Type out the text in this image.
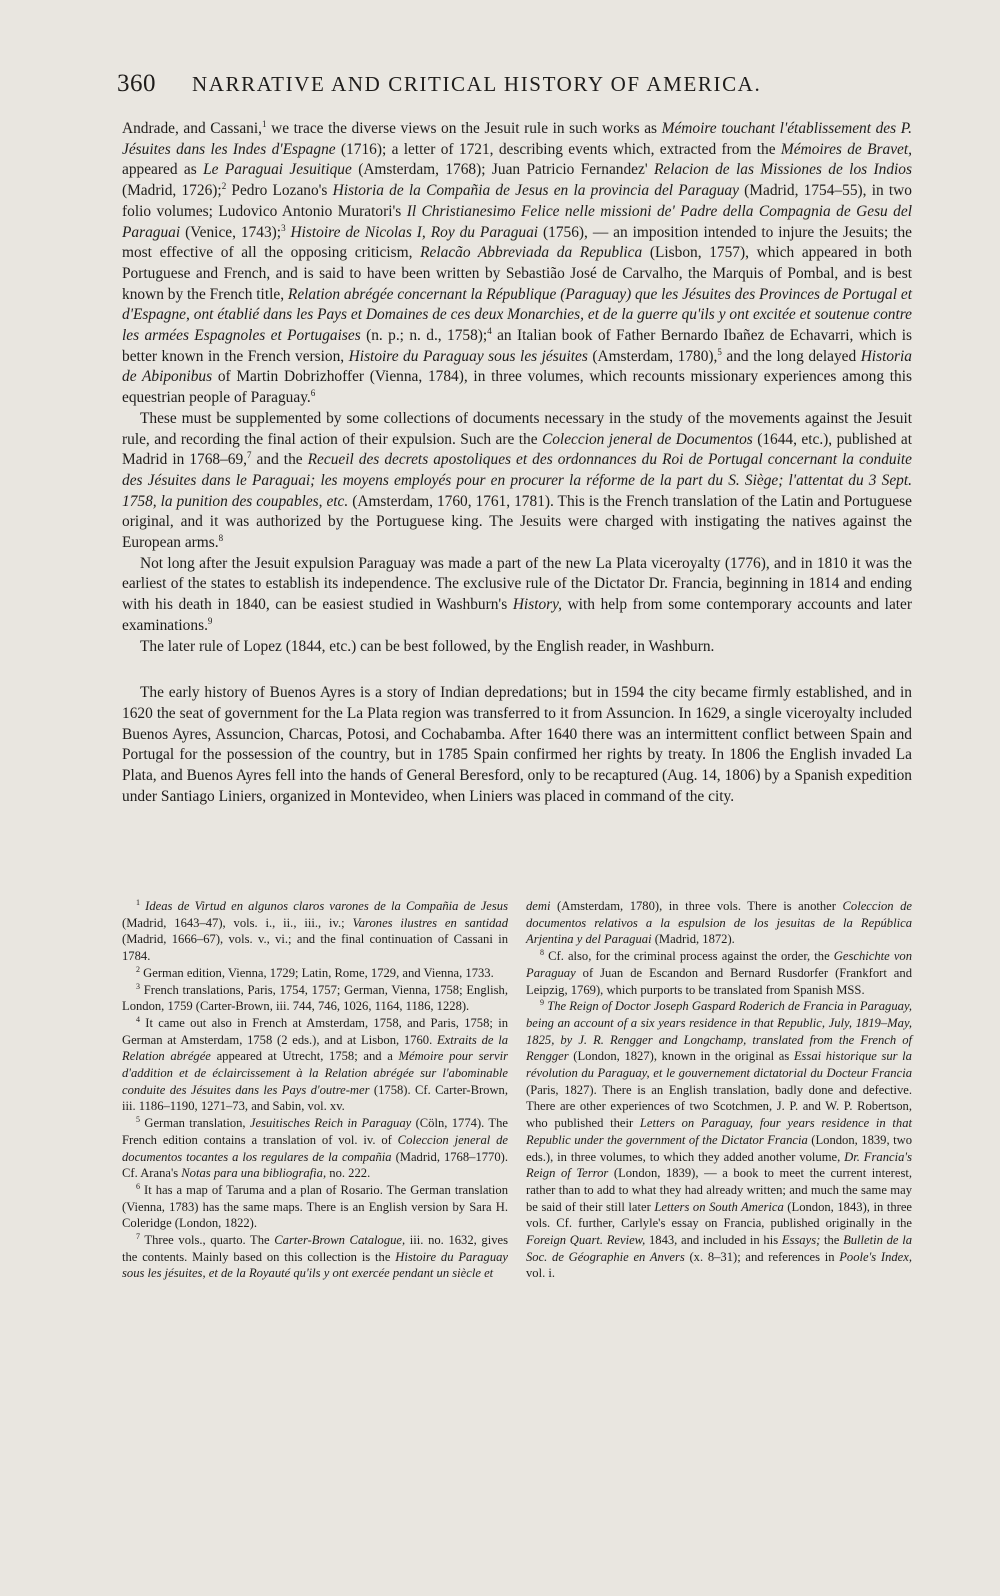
360 NARRATIVE AND CRITICAL HISTORY OF AMERICA.

Andrade, and Cassani,$^1$ we trace the diverse views on the Jesuit rule in such works as Mémoire touchant l'établissement des P. Jésuites dans les Indes d'Espagne (1716); a letter of 1721, describing events which, extracted from the Mémoires de Bravet, appeared as Le Paraguai Jesuitique (Amsterdam, 1768); Juan Patricio Fernandez' Relacion de las Missiones de los Indios (Madrid, 1726);$^2$ Pedro Lozano's Historia de la Compañia de Jesus en la provincia del Paraguay (Madrid, 1754–55), in two folio volumes; Ludovico Antonio Muratori's Il Christianesimo Felice nelle missioni de' Padre della Compagnia de Gesu del Paraguai (Venice, 1743);$^3$ Histoire de Nicolas I, Roy du Paraguai (1756), — an imposition intended to injure the Jesuits; the most effective of all the opposing criticism, Relacão Abbreviada da Republica (Lisbon, 1757), which appeared in both Portuguese and French, and is said to have been written by Sebastião José de Carvalho, the Marquis of Pombal, and is best known by the French title, Relation abrégée concernant la République (Paraguay) que les Jésuites des Provinces de Portugal et d'Espagne, ont établié dans les Pays et Domaines de ces deux Monarchies, et de la guerre qu'ils y ont excitée et soutenue contre les armées Espagnoles et Portugaises (n. p.; n. d., 1758);$^4$ an Italian book of Father Bernardo Ibañez de Echavarri, which is better known in the French version, Histoire du Paraguay sous les jésuites (Amsterdam, 1780),$^5$ and the long delayed Historia de Abiponibus of Martin Dobrizhoffer (Vienna, 1784), in three volumes, which recounts missionary experiences among this equestrian people of Paraguay.$^6$

These must be supplemented by some collections of documents necessary in the study of the movements against the Jesuit rule, and recording the final action of their expulsion. Such are the Coleccion jeneral de Documentos (1644, etc.), published at Madrid in 1768–69,$^7$ and the Recueil des decrets apostoliques et des ordonnances du Roi de Portugal concernant la conduite des Jésuites dans le Paraguai; les moyens employés pour en procurer la réforme de la part du S. Siège; l'attentat du 3 Sept. 1758, la punition des coupables, etc. (Amsterdam, 1760, 1761, 1781). This is the French translation of the Latin and Portuguese original, and it was authorized by the Portuguese king. The Jesuits were charged with instigating the natives against the European arms.$^8$

Not long after the Jesuit expulsion Paraguay was made a part of the new La Plata viceroyalty (1776), and in 1810 it was the earliest of the states to establish its independence. The exclusive rule of the Dictator Dr. Francia, beginning in 1814 and ending with his death in 1840, can be easiest studied in Washburn's History, with help from some contemporary accounts and later examinations.$^9$

The later rule of Lopez (1844, etc.) can be best followed, by the English reader, in Washburn.

The early history of Buenos Ayres is a story of Indian depredations; but in 1594 the city became firmly established, and in 1620 the seat of government for the La Plata region was transferred to it from Assuncion. In 1629, a single viceroyalty included Buenos Ayres, Assuncion, Charcas, Potosi, and Cochabamba. After 1640 there was an intermittent conflict between Spain and Portugal for the possession of the country, but in 1785 Spain confirmed her rights by treaty. In 1806 the English invaded La Plata, and Buenos Ayres fell into the hands of General Beresford, only to be recaptured (Aug. 14, 1806) by a Spanish expedition under Santiago Liniers, organized in Montevideo, when Liniers was placed in command of the city.

$^1$ Ideas de Virtud en algunos claros varones de la Compañia de Jesus (Madrid, 1643–47), vols. i., ii., iii., iv.; Varones ilustres en santidad (Madrid, 1666–67), vols. v., vi.; and the final continuation of Cassani in 1784.

$^2$ German edition, Vienna, 1729; Latin, Rome, 1729, and Vienna, 1733.

$^3$ French translations, Paris, 1754, 1757; German, Vienna, 1758; English, London, 1759 (Carter-Brown, iii. 744, 746, 1026, 1164, 1186, 1228).

$^4$ It came out also in French at Amsterdam, 1758, and Paris, 1758; in German at Amsterdam, 1758 (2 eds.), and at Lisbon, 1760. Extraits de la Relation abrégée appeared at Utrecht, 1758; and a Mémoire pour servir d'addition et de éclaircissement à la Relation abrégée sur l'abominable conduite des Jésuites dans les Pays d'outre-mer (1758). Cf. Carter-Brown, iii. 1186–1190, 1271–73, and Sabin, vol. xv.

$^5$ German translation, Jesuitisches Reich in Paraguay (Cöln, 1774). The French edition contains a translation of vol. iv. of Coleccion jeneral de documentos tocantes a los regulares de la compañia (Madrid, 1768–1770). Cf. Arana's Notas para una bibliografia, no. 222.

$^6$ It has a map of Taruma and a plan of Rosario. The German translation (Vienna, 1783) has the same maps. There is an English version by Sara H. Coleridge (London, 1822).

$^7$ Three vols., quarto. The Carter-Brown Catalogue, iii. no. 1632, gives the contents. Mainly based on this collection is the Histoire du Paraguay sous les jésuites, et de la Royauté qu'ils y ont exercée pendant un siècle et

demi (Amsterdam, 1780), in three vols. There is another Coleccion de documentos relativos a la espulsion de los jesuitas de la República Arjentina y del Paraguai (Madrid, 1872).

$^8$ Cf. also, for the criminal process against the order, the Geschichte von Paraguay of Juan de Escandon and Bernard Rusdorfer (Frankfort and Leipzig, 1769), which purports to be translated from Spanish MSS.

$^9$ The Reign of Doctor Joseph Gaspard Roderich de Francia in Paraguay, being an account of a six years residence in that Republic, July, 1819–May, 1825, by J. R. Rengger and Longchamp, translated from the French of Rengger (London, 1827), known in the original as Essai historique sur la révolution du Paraguay, et le gouvernement dictatorial du Docteur Francia (Paris, 1827). There is an English translation, badly done and defective. There are other experiences of two Scotchmen, J. P. and W. P. Robertson, who published their Letters on Paraguay, four years residence in that Republic under the government of the Dictator Francia (London, 1839, two eds.), in three volumes, to which they added another volume, Dr. Francia's Reign of Terror (London, 1839), — a book to meet the current interest, rather than to add to what they had already written; and much the same may be said of their still later Letters on South America (London, 1843), in three vols. Cf. further, Carlyle's essay on Francia, published originally in the Foreign Quart. Review, 1843, and included in his Essays; the Bulletin de la Soc. de Géographie en Anvers (x. 8–31); and references in Poole's Index, vol. i.
